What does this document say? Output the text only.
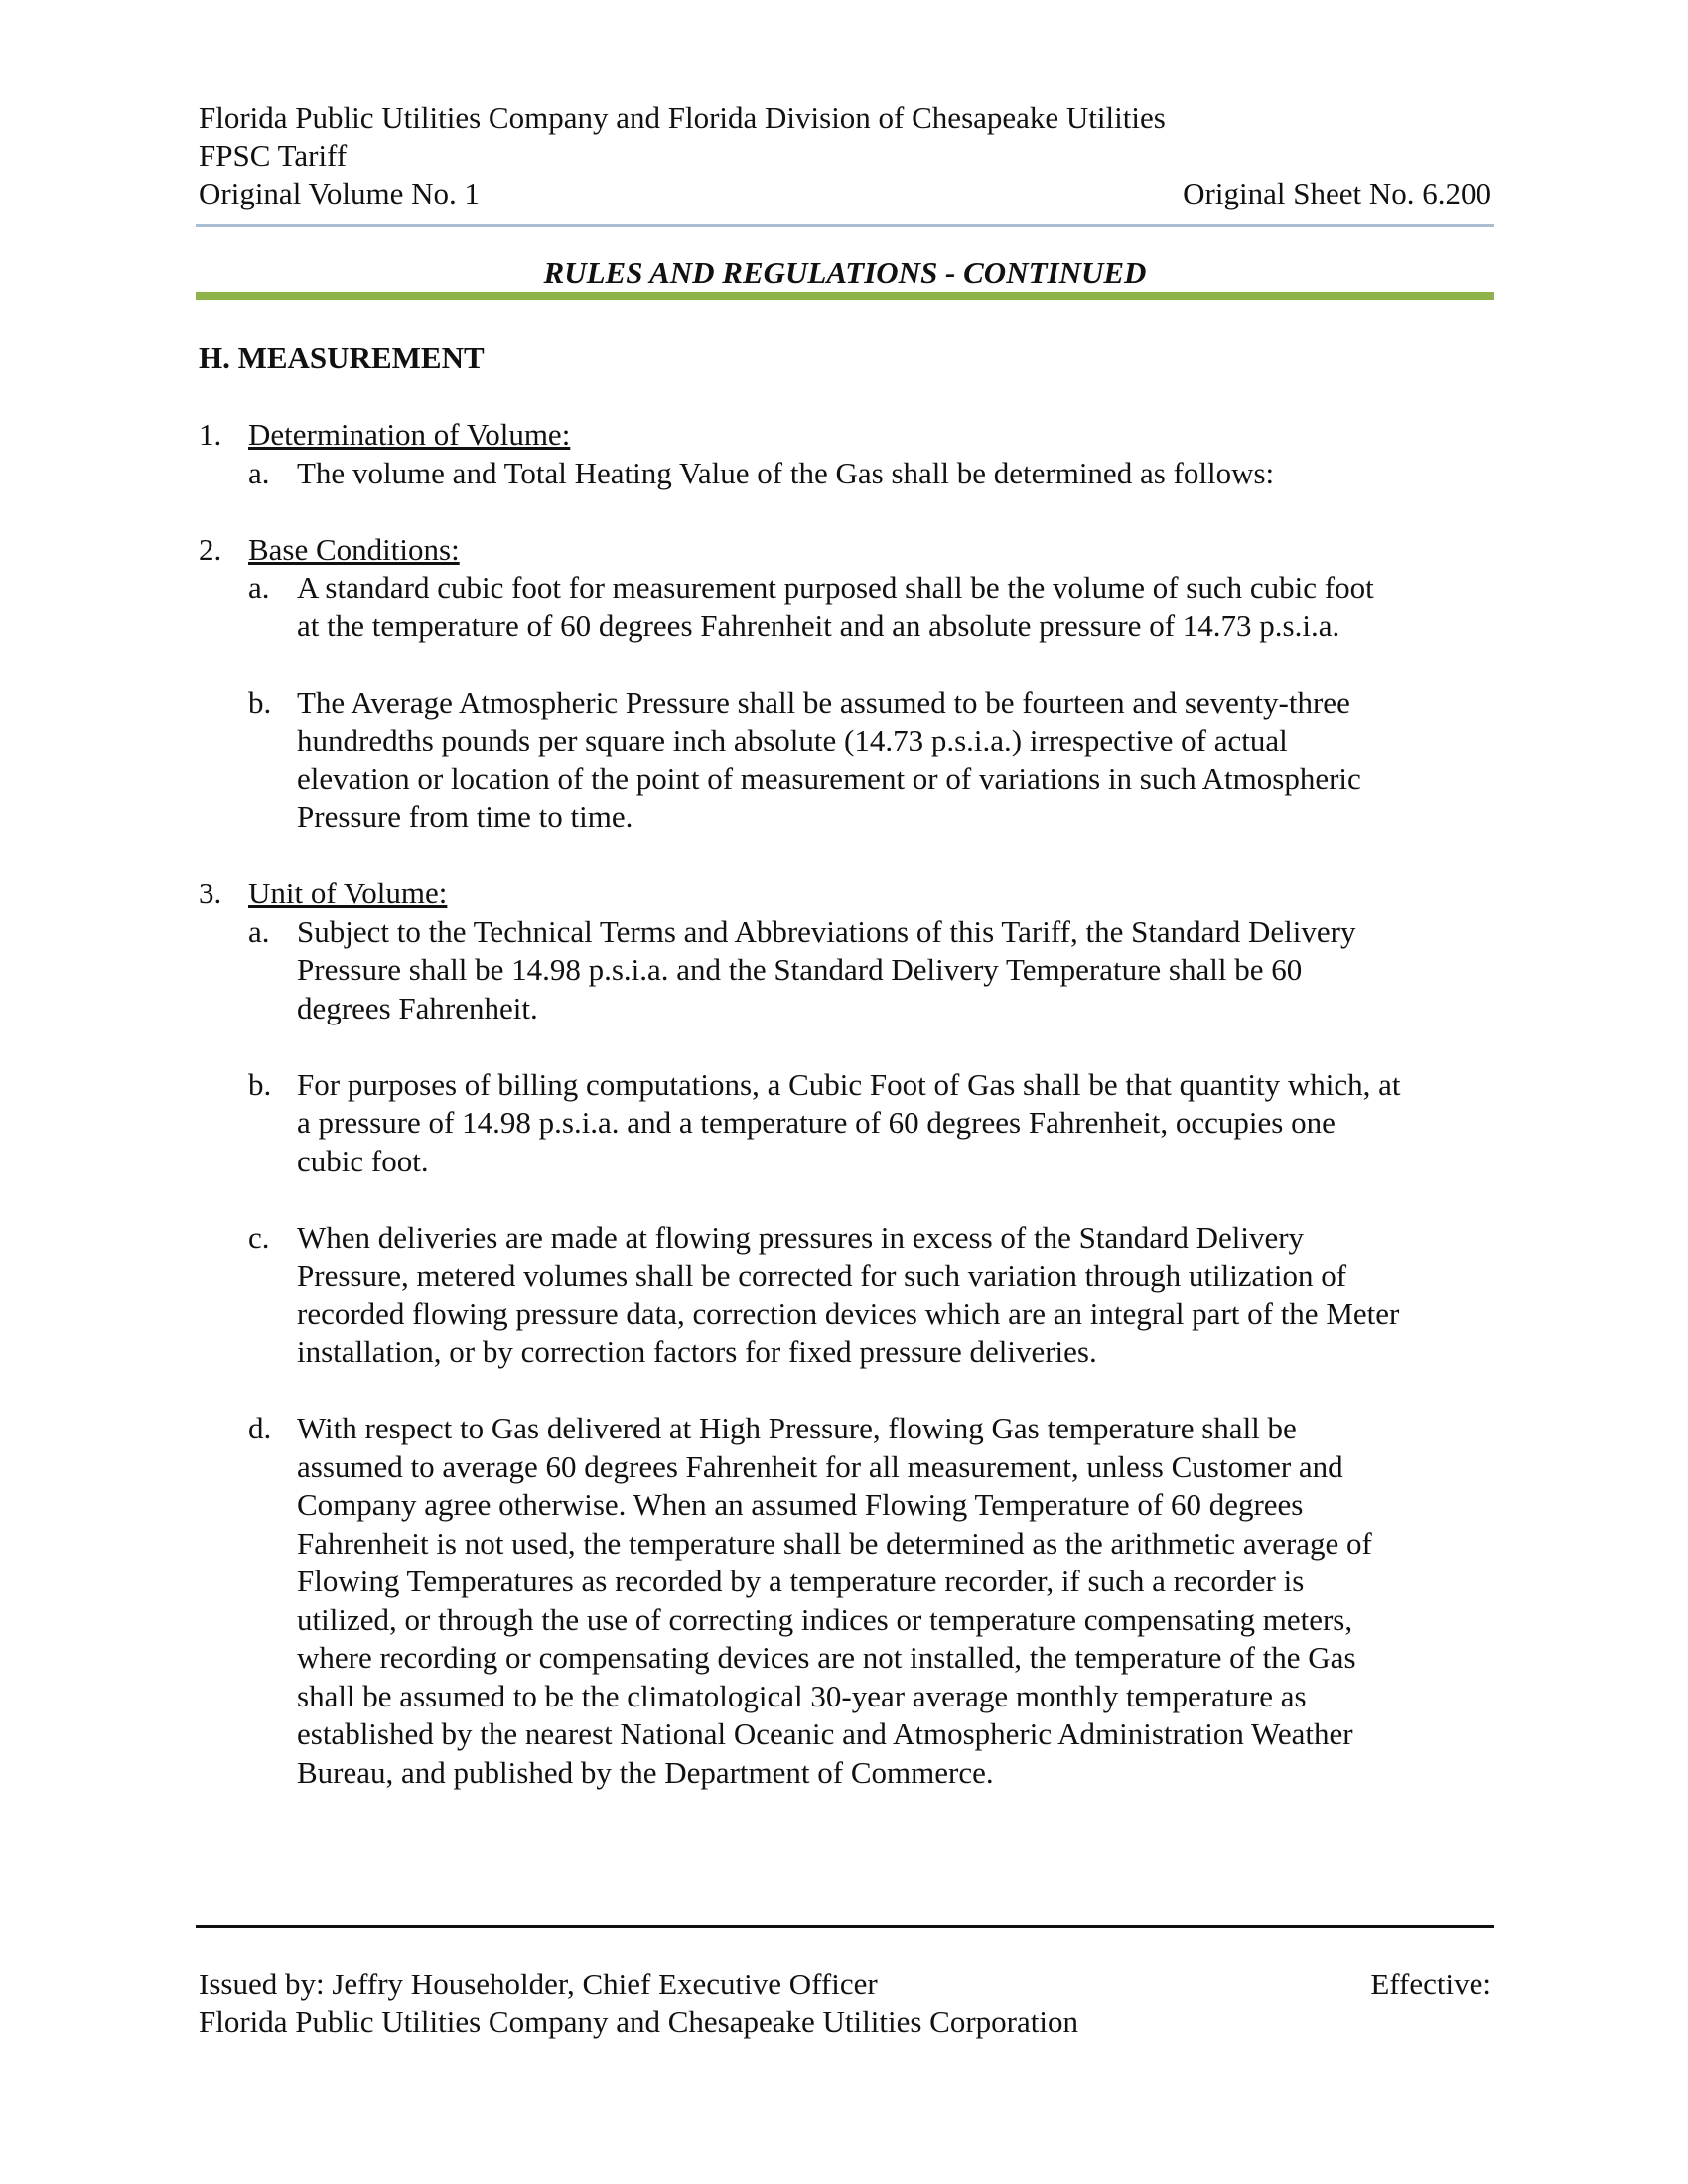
Florida Public Utilities Company and Florida Division of Chesapeake Utilities
FPSC Tariff
Original Volume No. 1	Original Sheet No. 6.200
RULES AND REGULATIONS - CONTINUED
H. MEASUREMENT
1. Determination of Volume:
a. The volume and Total Heating Value of the Gas shall be determined as follows:
2. Base Conditions:
a. A standard cubic foot for measurement purposed shall be the volume of such cubic foot
at the temperature of 60 degrees Fahrenheit and an absolute pressure of 14.73 p.s.i.a.
b. The Average Atmospheric Pressure shall be assumed to be fourteen and seventy-three
hundredths pounds per square inch absolute (14.73 p.s.i.a.) irrespective of actual
elevation or location of the point of measurement or of variations in such Atmospheric
Pressure from time to time.
3. Unit of Volume:
a. Subject to the Technical Terms and Abbreviations of this Tariff, the Standard Delivery
Pressure shall be 14.98 p.s.i.a. and the Standard Delivery Temperature shall be 60
degrees Fahrenheit.
b. For purposes of billing computations, a Cubic Foot of Gas shall be that quantity which, at
a pressure of 14.98 p.s.i.a. and a temperature of 60 degrees Fahrenheit, occupies one
cubic foot.
c. When deliveries are made at flowing pressures in excess of the Standard Delivery
Pressure, metered volumes shall be corrected for such variation through utilization of
recorded flowing pressure data, correction devices which are an integral part of the Meter
installation, or by correction factors for fixed pressure deliveries.
d. With respect to Gas delivered at High Pressure, flowing Gas temperature shall be
assumed to average 60 degrees Fahrenheit for all measurement, unless Customer and
Company agree otherwise. When an assumed Flowing Temperature of 60 degrees
Fahrenheit is not used, the temperature shall be determined as the arithmetic average of
Flowing Temperatures as recorded by a temperature recorder, if such a recorder is
utilized, or through the use of correcting indices or temperature compensating meters,
where recording or compensating devices are not installed, the temperature of the Gas
shall be assumed to be the climatological 30-year average monthly temperature as
established by the nearest National Oceanic and Atmospheric Administration Weather
Bureau, and published by the Department of Commerce.
Issued by: Jeffry Householder, Chief Executive Officer	Effective:
Florida Public Utilities Company and Chesapeake Utilities Corporation
